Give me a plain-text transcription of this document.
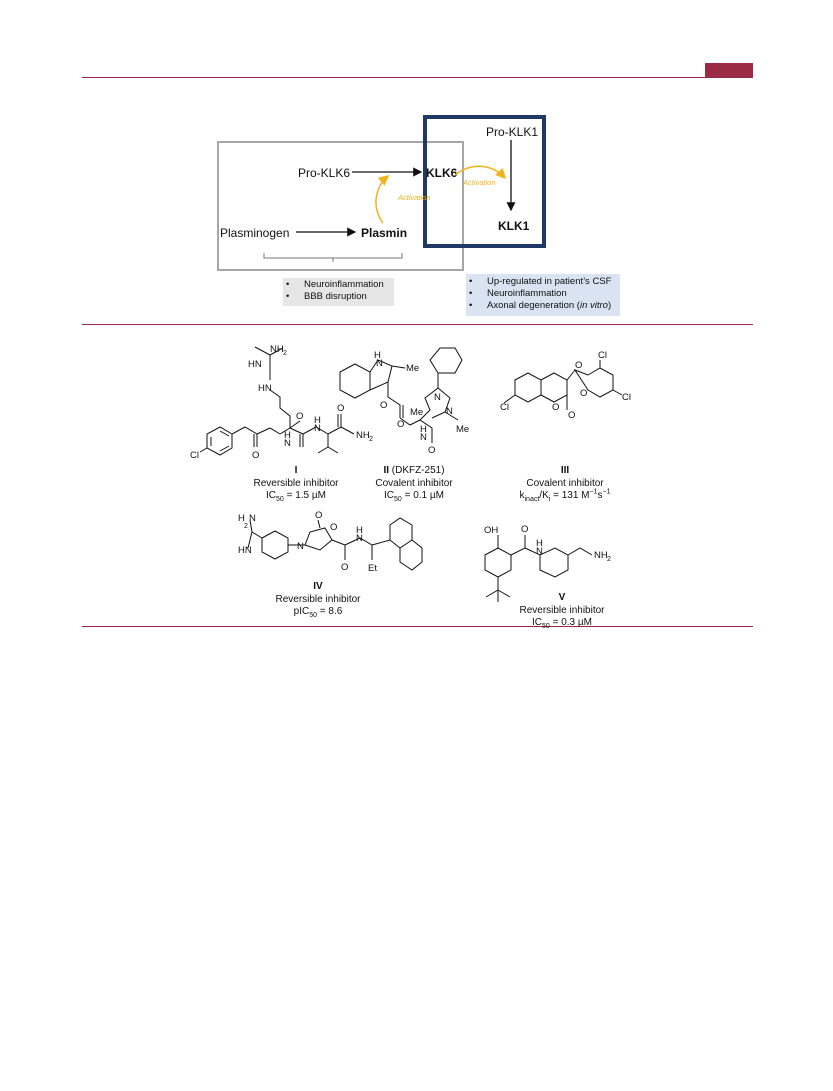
Pro-KLK1
Pro-KLK6	KLK6
KLK1
Plasminogen	Plasmin
Activation
Activation
• Neuroinflammation
• BBB disruption
• Up-regulated in patient’s CSF
• Neuroinflammation
• Axonal degeneration (in vitro)
HN
NH 2
HN
O
H
N
H
N
O
NH 2
Cl	O
H
N Me
O
O
Me
N
N
H
N
O
Me
O
O
Cl
Cl
O
O
Cl
H
2
N
HN
O
N
O
O
H
N
Et
OH O
H
N	NH 2
I
Reversible inhibitor
$IC_{50} = 1.5$ µM
II (DKFZ-251)
Covalent inhibitor
$IC_{50} = 0.1$ µM
III
Covalent inhibitor
$k_{inact}/K_i = 131$ $M^{-1}s^{-1}$
IV
Reversible inhibitor
pIC$_{50}$ = 8.6
V
Reversible inhibitor
$IC_{50} = 0.3$ µM
